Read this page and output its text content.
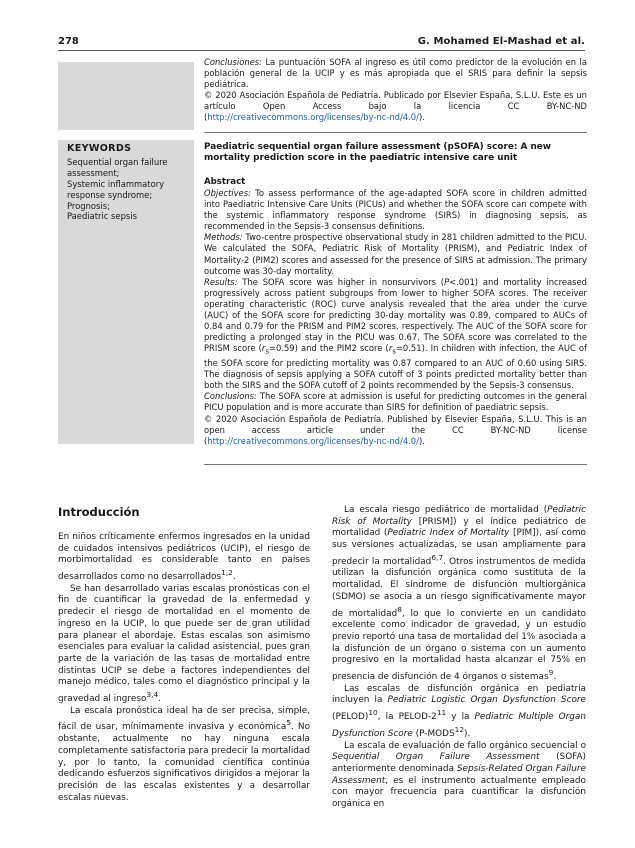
278	G. Mohamed El-Mashad et al.
Conclusiones: La puntuación SOFA al ingreso es útil como predictor de la evolución en la población general de la UCIP y es más apropiada que el SRIS para definir la sepsis pediátrica.
© 2020 Asociación Española de Pediatría. Publicado por Elsevier España, S.L.U. Este es un artículo Open Access bajo la licencia CC BY-NC-ND (http://creativecommons.org/licenses/by-nc-nd/4.0/).
KEYWORDS
Sequential organ failure assessment;
Systemic inflammatory response syndrome;
Prognosis;
Paediatric sepsis
Paediatric sequential organ failure assessment (pSOFA) score: A new mortality prediction score in the paediatric intensive care unit
Abstract

Objectives: To assess performance of the age-adapted SOFA score in children admitted into Paediatric Intensive Care Units (PICUs) and whether the SOFA score can compete with the systemic inflammatory response syndrome (SIRS) in diagnosing sepsis, as recommended in the Sepsis-3 consensus definitions.

Methods: Two-centre prospective observational study in 281 children admitted to the PICU. We calculated the SOFA, Pediatric Risk of Mortality (PRISM), and Pediatric Index of Mortality-2 (PIM2) scores and assessed for the presence of SIRS at admission. The primary outcome was 30-day mortality.

Results: The SOFA score was higher in nonsurvivors (P<.001) and mortality increased progressively across patient subgroups from lower to higher SOFA scores. The receiver operating characteristic (ROC) curve analysis revealed that the area under the curve (AUC) of the SOFA score for predicting 30-day mortality was 0.89, compared to AUCs of 0.84 and 0.79 for the PRISM and PIM2 scores, respectively. The AUC of the SOFA score for predicting a prolonged stay in the PICU was 0.67. The SOFA score was correlated to the PRISM score $(r_s=0.59)$ and the PIM2 score $(r_s=0.51)$. In children with infection, the AUC of the SOFA score for predicting mortality was 0.87 compared to an AUC of 0.60 using SIRS. The diagnosis of sepsis applying a SOFA cutoff of 3 points predicted mortality better than both the SIRS and the SOFA cutoff of 2 points recommended by the Sepsis-3 consensus.

Conclusions: The SOFA score at admission is useful for predicting outcomes in the general PICU population and is more accurate than SIRS for definition of paediatric sepsis.

© 2020 Asociación Española de Pediatría. Published by Elsevier España, S.L.U. This is an open access article under the CC BY-NC-ND license (http://creativecommons.org/licenses/by-nc-nd/4.0/).

Introducción

En niños críticamente enfermos ingresados en la unidad de cuidados intensivos pediátricos (UCIP), el riesgo de morbimortalidad es considerable tanto en países desarrollados como no desarrollados$^{1,2}$.

Se han desarrollado varias escalas pronósticas con el fin de cuantificar la gravedad de la enfermedad y predecir el riesgo de mortalidad en el momento de ingreso en la UCIP, lo que puede ser de gran utilidad para planear el abordaje. Estas escalas son asimismo esenciales para evaluar la calidad asistencial, pues gran parte de la variación de las tasas de mortalidad entre distintas UCIP se debe a factores independientes del manejo médico, tales como el diagnóstico principal y la gravedad al ingreso$^{3,4}$.

La escala pronóstica ideal ha de ser precisa, simple, fácil de usar, mínimamente invasiva y económica$^5$. No obstante, actualmente no hay ninguna escala completamente satisfactoria para predecir la mortalidad y, por lo tanto, la comunidad científica continúa dedicando esfuerzos significativos dirigidos a mejorar la precisión de las escalas existentes y a desarrollar escalas nuevas.

La escala riesgo pediátrico de mortalidad (Pediatric Risk of Mortality [PRISM]) y el índice pediátrico de mortalidad (Pediatric Index of Mortality [PIM]), así como sus versiones actualizadas, se usan ampliamente para predecir la mortalidad$^{6,7}$. Otros instrumentos de medida utilizan la disfunción orgánica como sustituta de la mortalidad. El síndrome de disfunción multiorgánica (SDMO) se asocia a un riesgo significativamente mayor de mortalidad$^8$, lo que lo convierte en un candidato excelente como indicador de gravedad, y un estudio previo reportó una tasa de mortalidad del 1% asociada a la disfunción de un órgano o sistema con un aumento progresivo en la mortalidad hasta alcanzar el 75% en presencia de disfunción de 4 órganos o sistemas$^9$.

Las escalas de disfunción orgánica en pediatría incluyen la Pediatric Logistic Organ Dysfunction Score (PELOD)$^{10}$, la PELOD-$2^{11}$ y la Pediatric Multiple Organ Dysfunction Score (P-MODS$^{12}$).

La escala de evaluación de fallo orgánico secuencial o Sequential Organ Failure Assessment (SOFA) anteriormente denominada Sepsis-Related Organ Failure Assessment, es el instrumento actualmente empleado con mayor frecuencia para cuantificar la disfunción orgánica en
